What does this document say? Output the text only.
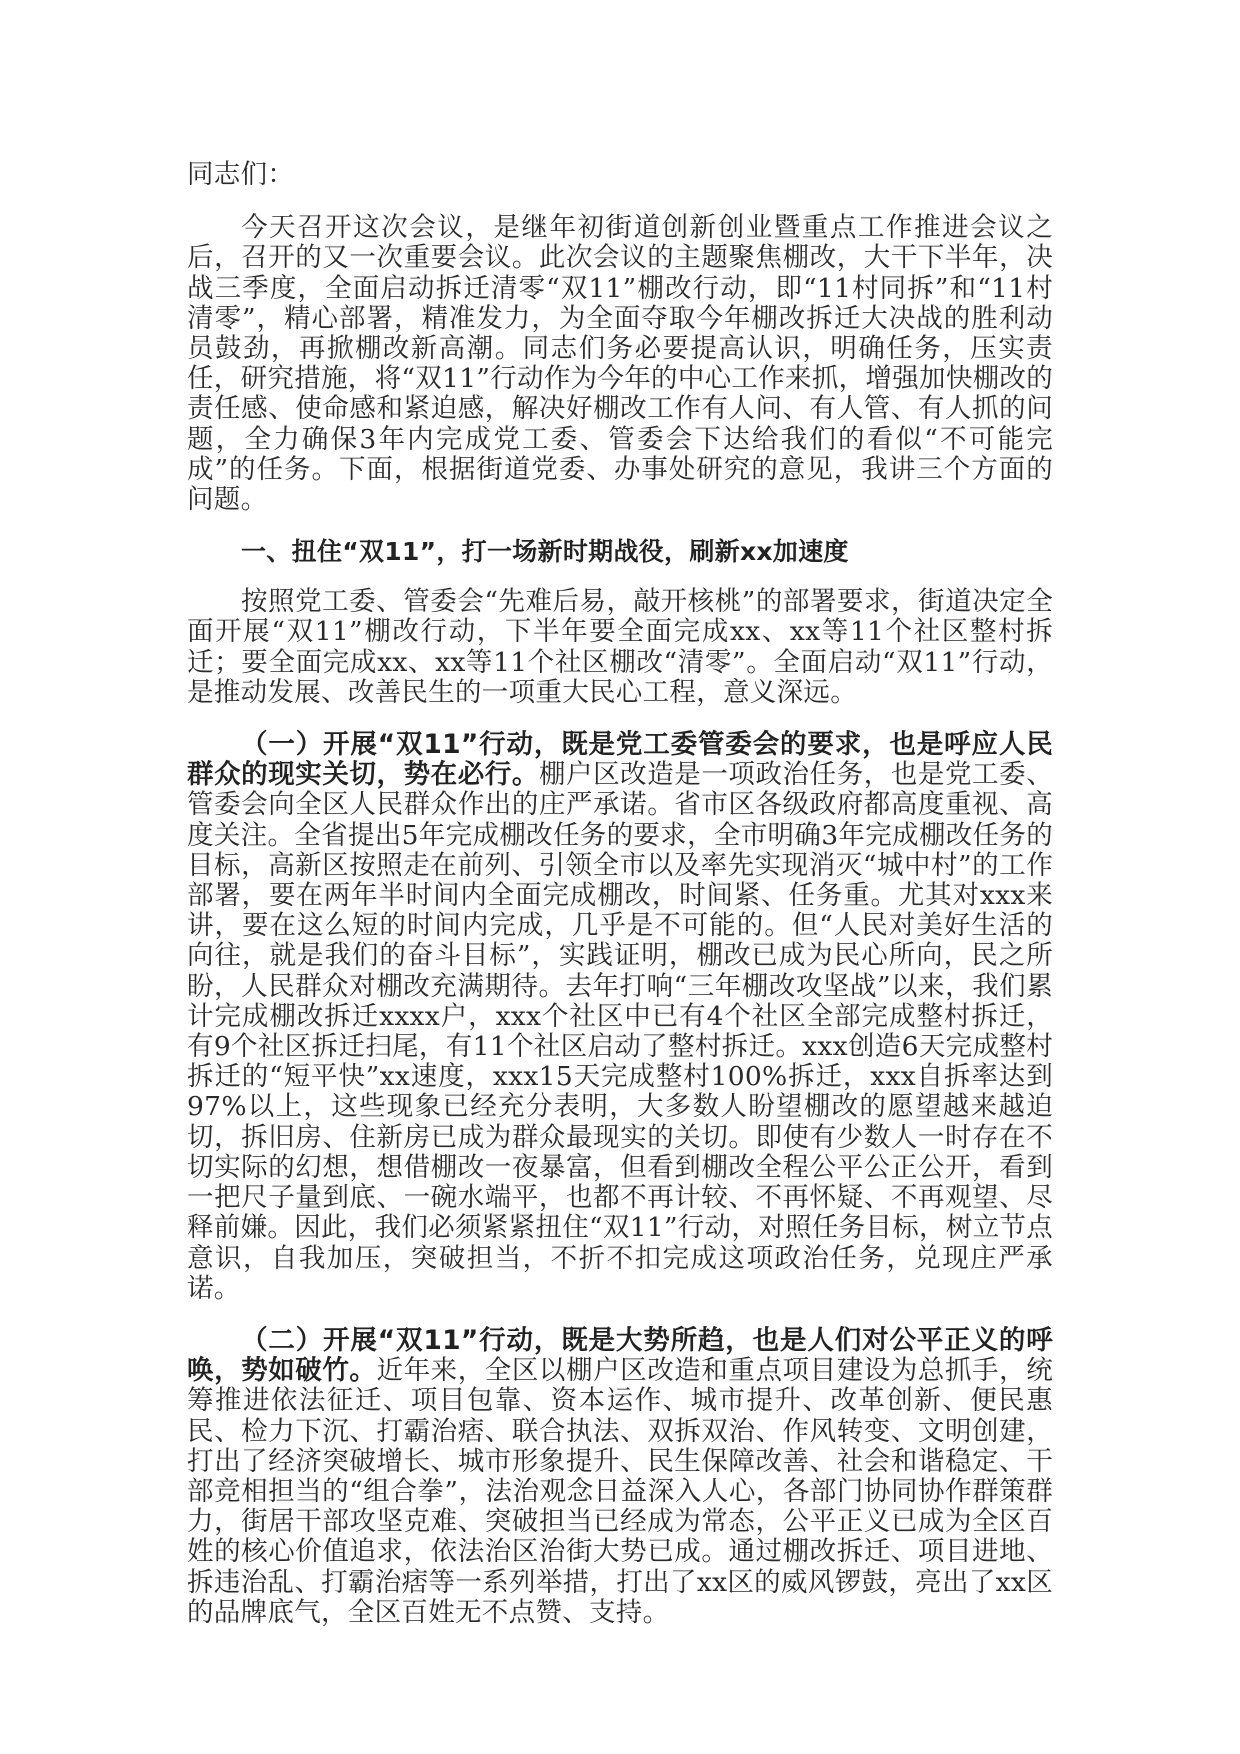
同志们：

今天召开这次会议，是继年初街道创新创业暨重点工作推进会议之后，召开的又一次重要会议。此次会议的主题聚焦棚改，大干下半年，决战三季度，全面启动拆迁清零“双11”棚改行动，即“11村同拆”和“11村清零”，精心部署，精准发力，为全面夺取今年棚改拆迁大决战的胜利动员鼓劲，再掀棚改新高潮。同志们务必要提高认识，明确任务，压实责任，研究措施，将“双11”行动作为今年的中心工作来抓，增强加快棚改的责任感、使命感和紧迫感，解决好棚改工作有人问、有人管、有人抓的问题，全力确保3年内完成党工委、管委会下达给我们的看似“不可能完成”的任务。下面，根据街道党委、办事处研究的意见，我讲三个方面的问题。

一、扭住“双11”，打一场新时期战役，刷新xx加速度

按照党工委、管委会“先难后易，敲开核桃”的部署要求，街道决定全面开展“双11”棚改行动，下半年要全面完成xx、xx等11个社区整村拆迁；要全面完成xx、xx等11个社区棚改“清零”。全面启动“双11”行动，是推动发展、改善民生的一项重大民心工程，意义深远。

（一）开展“双11”行动，既是党工委管委会的要求，也是呼应人民群众的现实关切，势在必行。棚户区改造是一项政治任务，也是党工委、管委会向全区人民群众作出的庄严承诺。省市区各级政府都高度重视、高度关注。全省提出5年完成棚改任务的要求，全市明确3年完成棚改任务的目标，高新区按照走在前列、引领全市以及率先实现消灭“城中村”的工作部署，要在两年半时间内全面完成棚改，时间紧、任务重。尤其对xxx来讲，要在这么短的时间内完成，几乎是不可能的。但“人民对美好生活的向往，就是我们的奋斗目标”，实践证明，棚改已成为民心所向，民之所盼，人民群众对棚改充满期待。去年打响“三年棚改攻坚战”以来，我们累计完成棚改拆迁xxxx户，xxx个社区中已有4个社区全部完成整村拆迁，有9个社区拆迁扫尾，有11个社区启动了整村拆迁。xxx创造6天完成整村拆迁的“短平快”xx速度，xxx15天完成整村100%拆迁，xxx自拆率达到97%以上，这些现象已经充分表明，大多数人盼望棚改的愿望越来越迫切，拆旧房、住新房已成为群众最现实的关切。即使有少数人一时存在不切实际的幻想，想借棚改一夜暴富，但看到棚改全程公平公正公开，看到一把尺子量到底、一碗水端平，也都不再计较、不再怀疑、不再观望、尽释前嫌。因此，我们必须紧紧扭住“双11”行动，对照任务目标，树立节点意识，自我加压，突破担当，不折不扣完成这项政治任务，兑现庄严承诺。

（二）开展“双11”行动，既是大势所趋，也是人们对公平正义的呼唤，势如破竹。近年来，全区以棚户区改造和重点项目建设为总抓手，统筹推进依法征迁、项目包靠、资本运作、城市提升、改革创新、便民惠民、检力下沉、打霸治痞、联合执法、双拆双治、作风转变、文明创建，打出了经济突破增长、城市形象提升、民生保障改善、社会和谐稳定、干部竞相担当的“组合拳”，法治观念日益深入人心，各部门协同协作群策群力，街居干部攻坚克难、突破担当已经成为常态，公平正义已成为全区百姓的核心价值追求，依法治区治街大势已成。通过棚改拆迁、项目进地、拆违治乱、打霸治痞等一系列举措，打出了xx区的威风锣鼓，亮出了xx区的品牌底气，全区百姓无不点赞、支持。
